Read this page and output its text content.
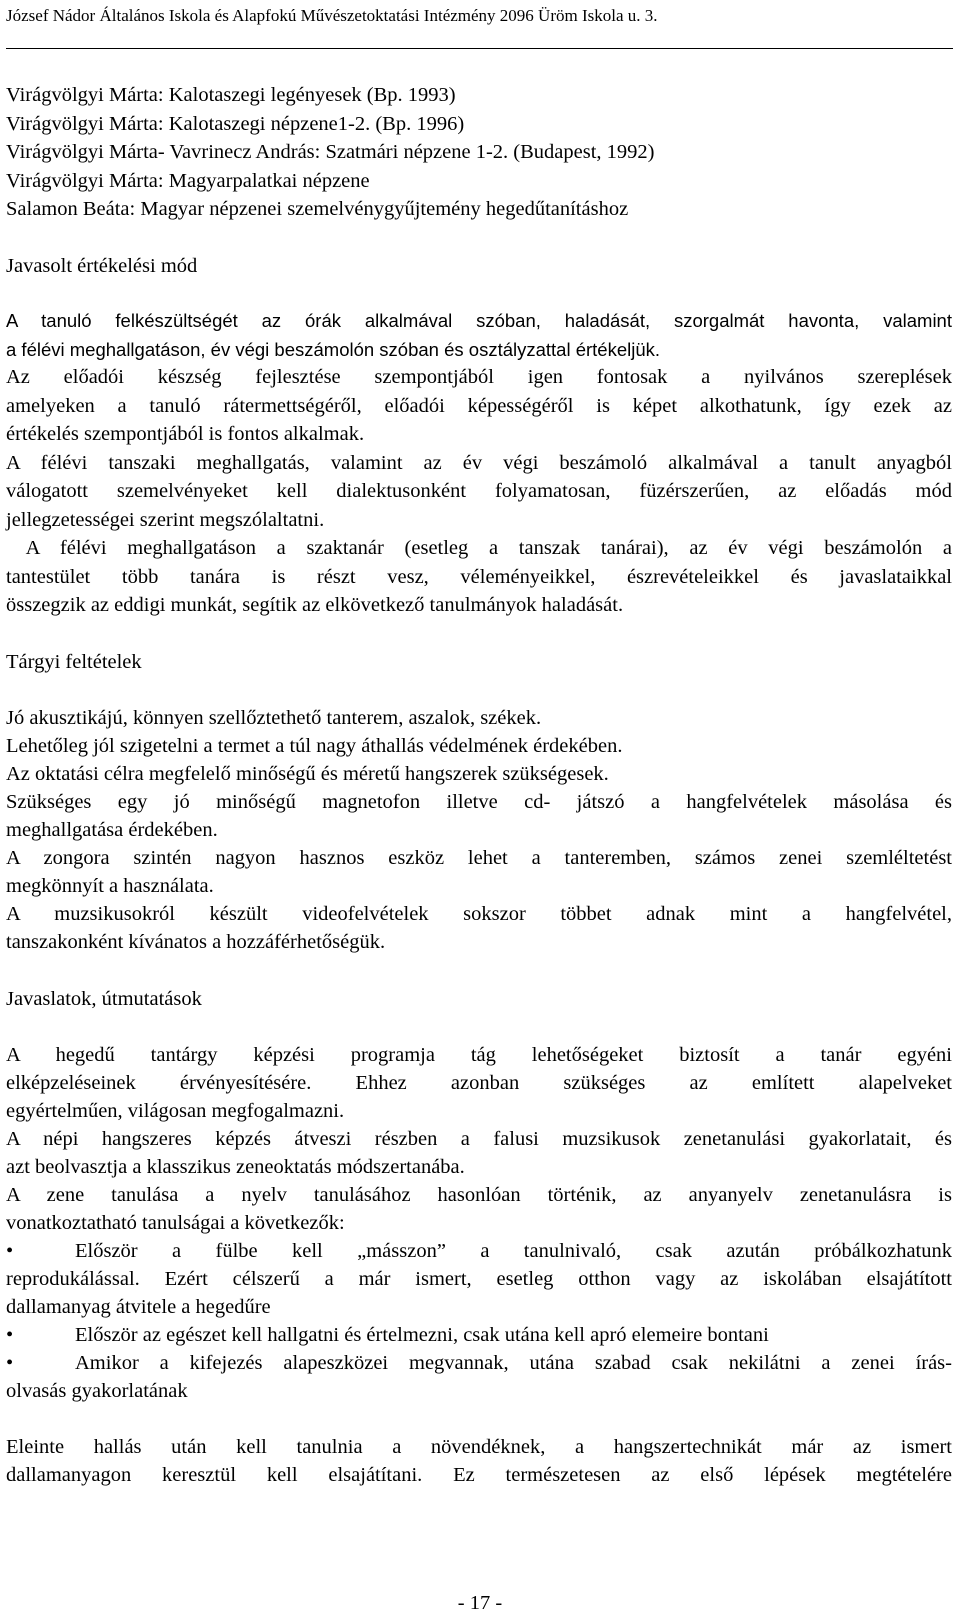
József Nádor Általános Iskola és Alapfokú Művészetoktatási Intézmény 2096 Üröm Iskola u. 3.
Virágvölgyi Márta: Kalotaszegi legényesek (Bp. 1993)
Virágvölgyi Márta: Kalotaszegi népzene1-2. (Bp. 1996)
Virágvölgyi Márta- Vavrinecz András: Szatmári népzene 1-2. (Budapest, 1992)
Virágvölgyi Márta: Magyarpalatkai népzene
Salamon Beáta: Magyar népzenei szemelvénygyűjtemény hegedűtanításhoz
Javasolt értékelési mód
A tanuló felkészültségét az órák alkalmával szóban, haladását, szorgalmát havonta, valamint
a félévi meghallgatáson, év végi beszámolón szóban és osztályzattal értékeljük.
Az előadói készség fejlesztése szempontjából igen fontosak a nyilvános szereplések
amelyeken a tanuló rátermettségéről, előadói képességéről is képet alkothatunk, így ezek az
értékelés szempontjából is fontos alkalmak.
A félévi tanszaki meghallgatás, valamint az év végi beszámoló alkalmával a tanult anyagból
válogatott szemelvényeket kell dialektusonként folyamatosan, füzérszerűen, az előadás mód
jellegzetességei szerint megszólaltatni.
A félévi meghallgatáson a szaktanár (esetleg a tanszak tanárai), az év végi beszámolón a
tantestület több tanára is részt vesz, véleményeikkel, észrevételeikkel és javaslataikkal
összegzik az eddigi munkát, segítik az elkövetkező tanulmányok haladását.
Tárgyi feltételek
Jó akusztikájú, könnyen szellőztethető tanterem, aszalok, székek.
Lehetőleg jól szigetelni a termet a túl nagy áthallás védelmének érdekében.
Az oktatási célra megfelelő minőségű és méretű hangszerek szükségesek.
Szükséges egy jó minőségű magnetofon illetve cd- játszó a hangfelvételek másolása és
meghallgatása érdekében.
A zongora szintén nagyon hasznos eszköz lehet a tanteremben, számos zenei szemléltetést
megkönnyít a használata.
A muzsikusokról készült videofelvételek sokszor többet adnak mint a hangfelvétel,
tanszakonként kívánatos a hozzáférhetőségük.
Javaslatok, útmutatások
A hegedű tantárgy képzési programja tág lehetőségeket biztosít a tanár egyéni
elképzeléseinek érvényesítésére. Ehhez azonban szükséges az említett alapelveket
egyértelműen, világosan megfogalmazni.
A népi hangszeres képzés átveszi részben a falusi muzsikusok zenetanulási gyakorlatait, és
azt beolvasztja a klasszikus zeneoktatás módszertanába.
A zene tanulása a nyelv tanulásához hasonlóan történik, az anyanyelv zenetanulásra is
vonatkoztatható tanulságai a következők:
•	Először a fülbe kell „másszon” a tanulnivaló, csak azután próbálkozhatunk
reprodukálással. Ezért célszerű a már ismert, esetleg otthon vagy az iskolában elsajátított
dallamanyag átvitele a hegedűre
•	Először az egészet kell hallgatni és értelmezni, csak utána kell apró elemeire bontani
•	Amikor a kifejezés alapeszközei megvannak, utána szabad csak nekilátni a zenei írás-
olvasás gyakorlatának
Eleinte hallás után kell tanulnia a növendéknek, a hangszertechnikát már az ismert
dallamanyagon keresztül kell elsajátítani. Ez természetesen az első lépések megtételére
- 17 -
